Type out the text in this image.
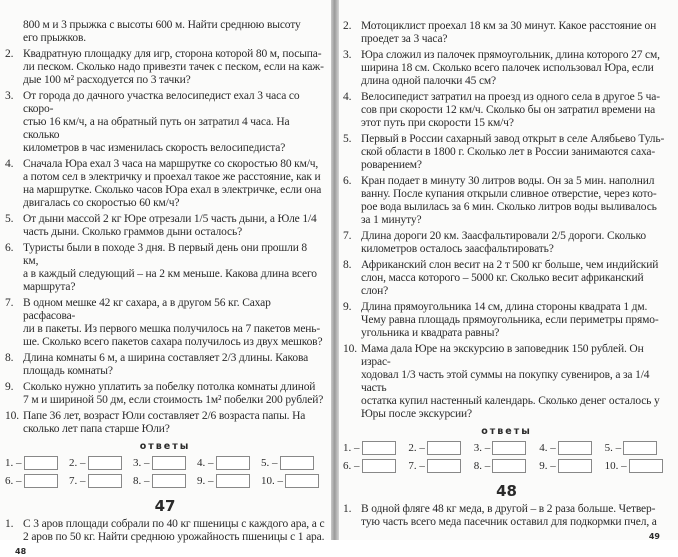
800 м и 3 прыжка с высоты 600 м. Найти среднюю высоту
его прыжков.
2. Квадратную площадку для игр, сторона которой 80 м, посыпа-
ли песком. Сколько надо привезти тачек с песком, если на каж-
дые 100 м² расходуется по 3 тачки?
3. От города до дачного участка велосипедист ехал 3 часа со скоро-
стью 16 км/ч, а на обратный путь он затратил 4 часа. На сколько
километров в час изменилась скорость велосипедиста?
4. Сначала Юра ехал 3 часа на маршрутке со скоростью 80 км/ч,
а потом сел в электричку и проехал такое же расстояние, как и
на маршрутке. Сколько часов Юра ехал в электричке, если она
двигалась со скоростью 60 км/ч?
5. От дыни массой 2 кг Юре отрезали 1/5 часть дыни, а Юле 1/4
часть дыни. Сколько граммов дыни осталось?
6. Туристы были в походе 3 дня. В первый день они прошли 8 км,
а в каждый следующий – на 2 км меньше. Какова длина всего
маршрута?
7. В одном мешке 42 кг сахара, а в другом 56 кг. Сахар расфасова-
ли в пакеты. Из первого мешка получилось на 7 пакетов мень-
ше. Сколько всего пакетов сахара получилось из двух мешков?
8. Длина комнаты 6 м, а ширина составляет 2/3 длины. Какова
площадь комнаты?
9. Сколько нужно уплатить за побелку потолка комнаты длиной
7 м и шириной 50 дм, если стоимость 1м² побелки 200 рублей?
10. Папе 36 лет, возраст Юли составляет 2/6 возраста папы. На
сколько лет папа старше Юли?
ответы
1. –	2. –	3. –	4. –	5. –
6. –	7. –	8. –	9. –	10. –
47
1. С 3 аров площади собрали по 40 кг пшеницы с каждого ара, а с
2 аров по 50 кг. Найти среднюю урожайность пшеницы с 1 ара.
48
2. Мотоциклист проехал 18 км за 30 минут. Какое расстояние он
проедет за 3 часа?
3. Юра сложил из палочек прямоугольник, длина которого 27 см,
ширина 18 см. Сколько всего палочек использовал Юра, если
длина одной палочки 45 см?
4. Велосипедист затратил на проезд из одного села в другое 5 ча-
сов при скорости 12 км/ч. Сколько бы он затратил времени на
этот путь при скорости 15 км/ч?
5. Первый в России сахарный завод открыт в селе Алябьево Туль-
ской области в 1800 г. Сколько лет в России занимаются саха-
роварением?
6. Кран подает в минуту 30 литров воды. Он за 5 мин. наполнил
ванну. После купания открыли сливное отверстие, через кото-
рое вода вылилась за 6 мин. Сколько литров воды выливалось
за 1 минуту?
7. Длина дороги 20 км. Заасфальтировали 2/5 дороги. Сколько
километров осталось заасфальтировать?
8. Африканский слон весит на 2 т 500 кг больше, чем индийский
слон, масса которого – 5000 кг. Сколько весит африканский слон?
9. Длина прямоугольника 14 см, длина стороны квадрата 1 дм.
Чему равна площадь прямоугольника, если периметры прямо-
угольника и квадрата равны?
10. Мама дала Юре на экскурсию в заповедник 150 рублей. Он израс-
ходовал 1/3 часть этой суммы на покупку сувениров, а за 1/4 часть
остатка купил настенный календарь. Сколько денег осталось у
Юры после экскурсии?
ответы
1. –	2. –	3. –	4. –	5. –
6. –	7. –	8. –	9. –	10. –
48
1. В одной фляге 48 кг меда, в другой – в 2 раза больше. Четвер-
тую часть всего меда пасечник оставил для подкормки пчел, а
49
